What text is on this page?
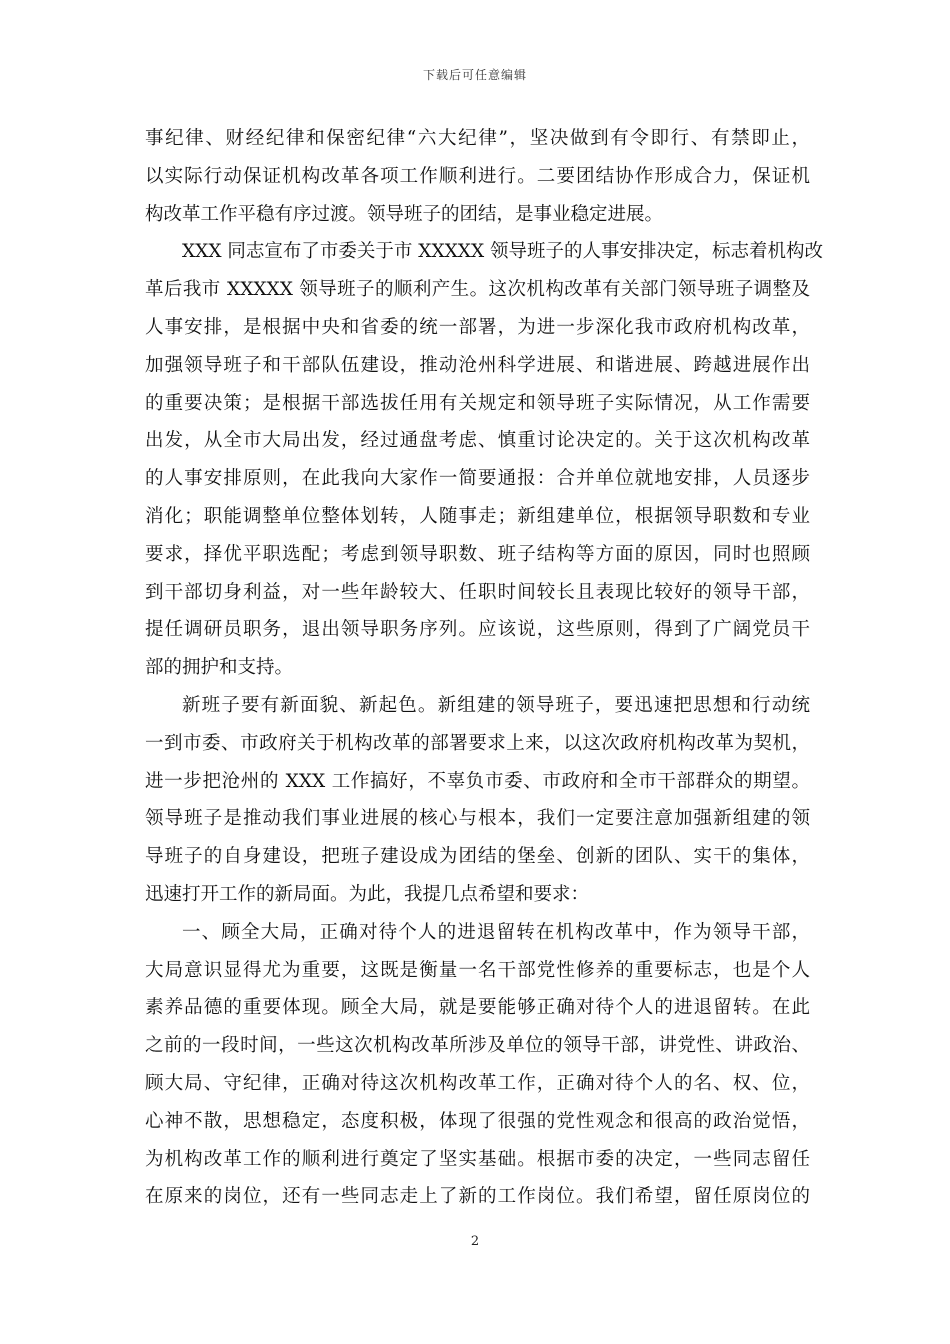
下载后可任意编辑
事纪律、财经纪律和保密纪律“六大纪律”，坚决做到有令即行、有禁即止，
以实际行动保证机构改革各项工作顺利进行。二要团结协作形成合力，保证机
构改革工作平稳有序过渡。领导班子的团结，是事业稳定进展。
XXX 同志宣布了市委关于市 XXXXX 领导班子的人事安排决定，标志着机构改
革后我市 XXXXX 领导班子的顺利产生。这次机构改革有关部门领导班子调整及
人事安排，是根据中央和省委的统一部署，为进一步深化我市政府机构改革，
加强领导班子和干部队伍建设，推动沧州科学进展、和谐进展、跨越进展作出
的重要决策；是根据干部选拔任用有关规定和领导班子实际情况，从工作需要
出发，从全市大局出发，经过通盘考虑、慎重讨论决定的。关于这次机构改革
的人事安排原则，在此我向大家作一简要通报：合并单位就地安排，人员逐步
消化；职能调整单位整体划转，人随事走；新组建单位，根据领导职数和专业
要求，择优平职选配；考虑到领导职数、班子结构等方面的原因，同时也照顾
到干部切身利益，对一些年龄较大、任职时间较长且表现比较好的领导干部，
提任调研员职务，退出领导职务序列。应该说，这些原则，得到了广阔党员干
部的拥护和支持。
新班子要有新面貌、新起色。新组建的领导班子，要迅速把思想和行动统
一到市委、市政府关于机构改革的部署要求上来，以这次政府机构改革为契机，
进一步把沧州的 XXX 工作搞好，不辜负市委、市政府和全市干部群众的期望。
领导班子是推动我们事业进展的核心与根本，我们一定要注意加强新组建的领
导班子的自身建设，把班子建设成为团结的堡垒、创新的团队、实干的集体，
迅速打开工作的新局面。为此，我提几点希望和要求：
一、顾全大局，正确对待个人的进退留转在机构改革中，作为领导干部，
大局意识显得尤为重要，这既是衡量一名干部党性修养的重要标志，也是个人
素养品德的重要体现。顾全大局，就是要能够正确对待个人的进退留转。在此
之前的一段时间，一些这次机构改革所涉及单位的领导干部，讲党性、讲政治、
顾大局、守纪律，正确对待这次机构改革工作，正确对待个人的名、权、位，
心神不散，思想稳定，态度积极，体现了很强的党性观念和很高的政治觉悟，
为机构改革工作的顺利进行奠定了坚实基础。根据市委的决定，一些同志留任
在原来的岗位，还有一些同志走上了新的工作岗位。我们希望，留任原岗位的
2
